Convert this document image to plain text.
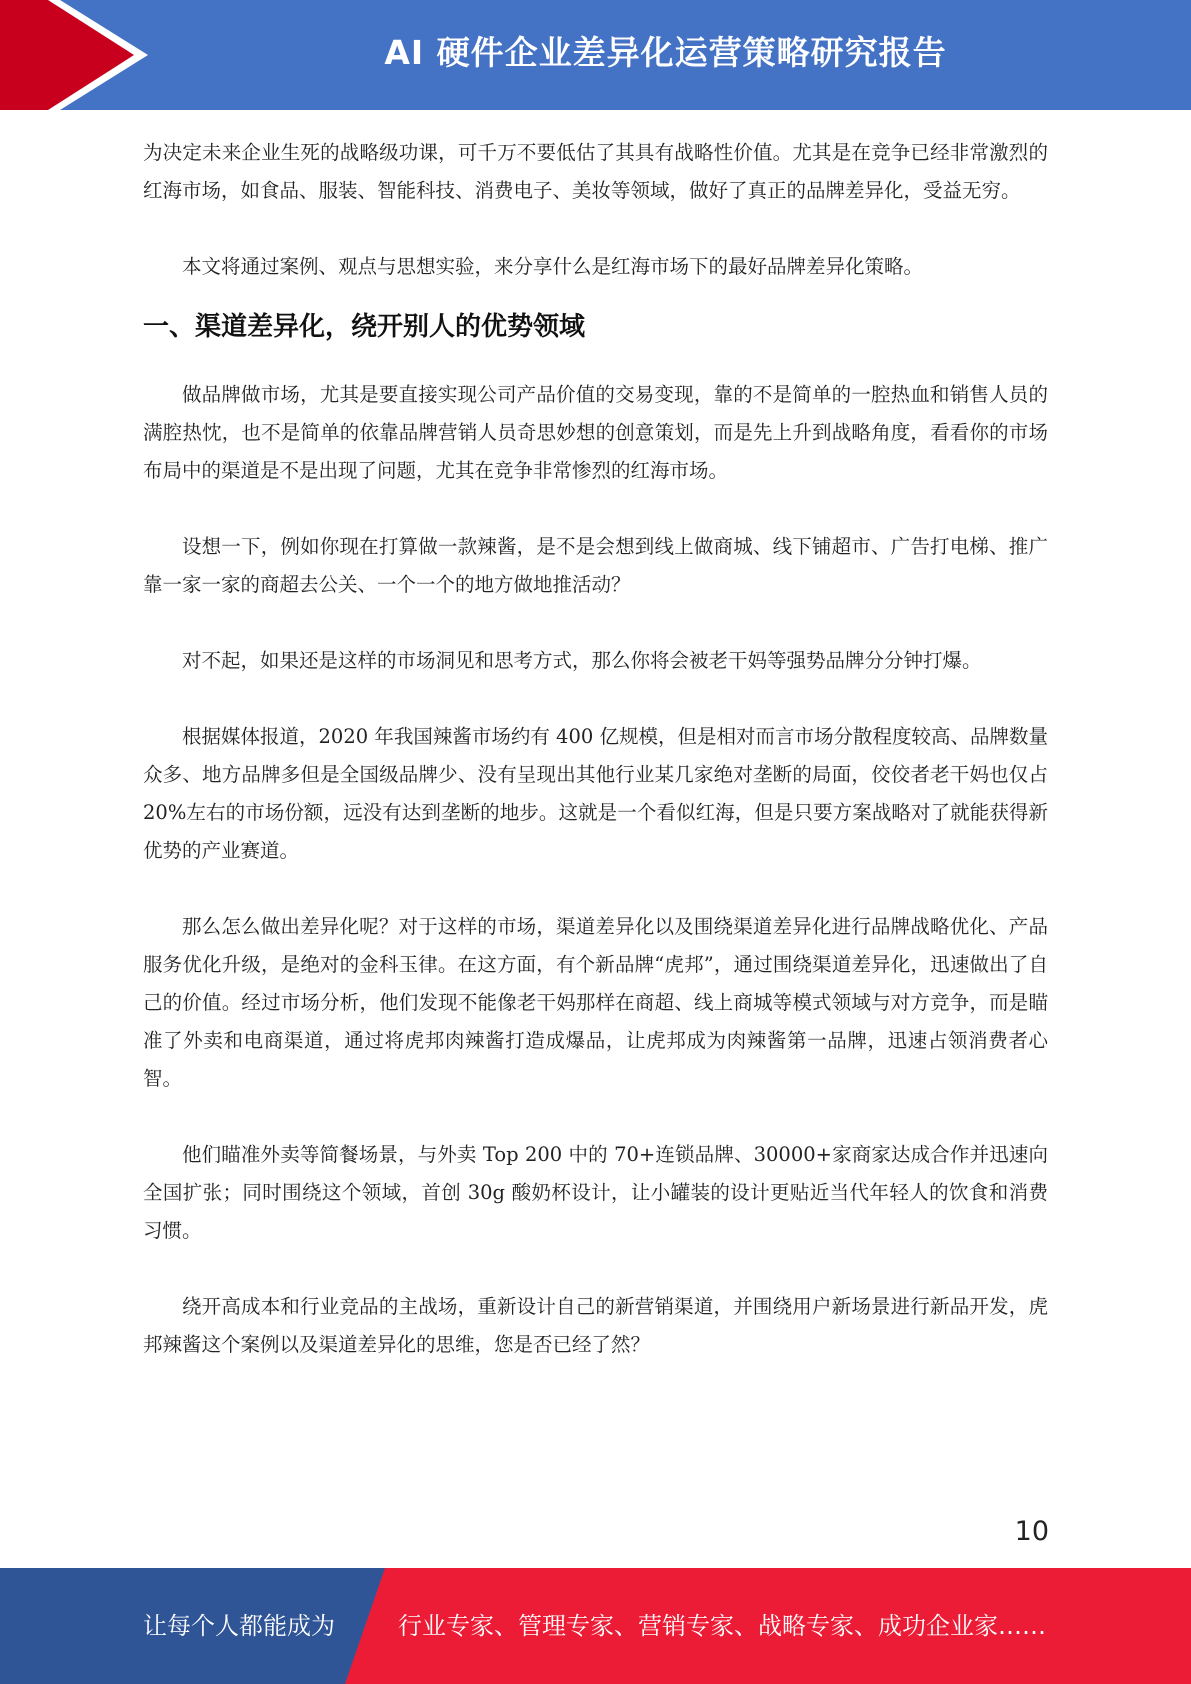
AI 硬件企业差异化运营策略研究报告

为决定未来企业生死的战略级功课，可千万不要低估了其具有战略性价值。尤其是在竞争已经非常激烈的红海市场，如食品、服装、智能科技、消费电子、美妆等领域，做好了真正的品牌差异化，受益无穷。

本文将通过案例、观点与思想实验，来分享什么是红海市场下的最好品牌差异化策略。

一、渠道差异化，绕开别人的优势领域

做品牌做市场，尤其是要直接实现公司产品价值的交易变现，靠的不是简单的一腔热血和销售人员的满腔热忱，也不是简单的依靠品牌营销人员奇思妙想的创意策划，而是先上升到战略角度，看看你的市场布局中的渠道是不是出现了问题，尤其在竞争非常惨烈的红海市场。

设想一下，例如你现在打算做一款辣酱，是不是会想到线上做商城、线下铺超市、广告打电梯、推广靠一家一家的商超去公关、一个一个的地方做地推活动？

对不起，如果还是这样的市场洞见和思考方式，那么你将会被老干妈等强势品牌分分钟打爆。

根据媒体报道，2020 年我国辣酱市场约有 400 亿规模，但是相对而言市场分散程度较高、品牌数量众多、地方品牌多但是全国级品牌少、没有呈现出其他行业某几家绝对垄断的局面，佼佼者老干妈也仅占 20%左右的市场份额，远没有达到垄断的地步。这就是一个看似红海，但是只要方案战略对了就能获得新优势的产业赛道。

那么怎么做出差异化呢？对于这样的市场，渠道差异化以及围绕渠道差异化进行品牌战略优化、产品服务优化升级，是绝对的金科玉律。在这方面，有个新品牌“虎邦”，通过围绕渠道差异化，迅速做出了自己的价值。经过市场分析，他们发现不能像老干妈那样在商超、线上商城等模式领域与对方竞争，而是瞄准了外卖和电商渠道，通过将虎邦肉辣酱打造成爆品，让虎邦成为肉辣酱第一品牌，迅速占领消费者心智。

他们瞄准外卖等简餐场景，与外卖 Top 200 中的 70+连锁品牌、30000+家商家达成合作并迅速向全国扩张；同时围绕这个领域，首创 30g 酸奶杯设计，让小罐装的设计更贴近当代年轻人的饮食和消费习惯。

绕开高成本和行业竞品的主战场，重新设计自己的新营销渠道，并围绕用户新场景进行新品开发，虎邦辣酱这个案例以及渠道差异化的思维，您是否已经了然？

10
让每个人都能成为	行业专家、管理专家、营销专家、战略专家、成功企业家……
